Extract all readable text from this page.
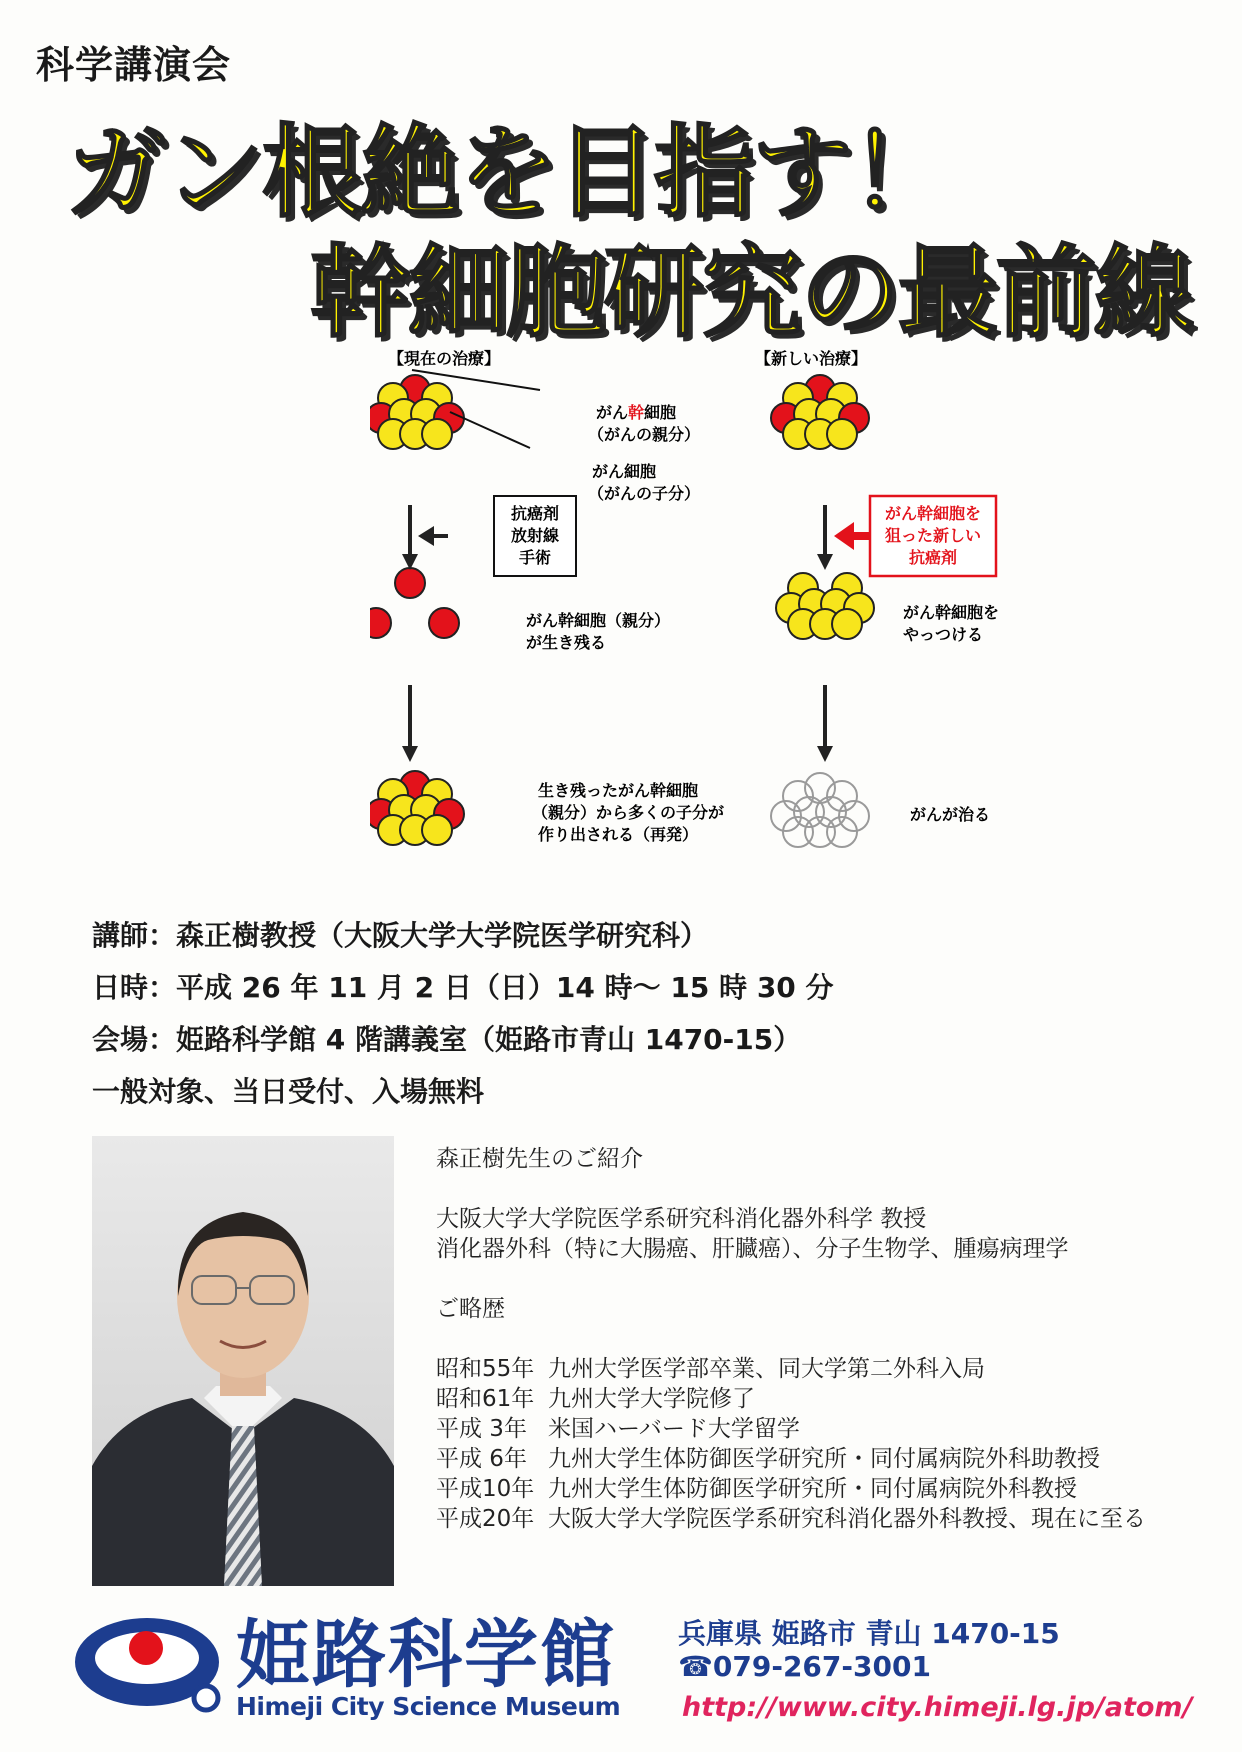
科学講演会
ガン根絶を目指す！
幹細胞研究の最前線
【現在の治療】	【新しい治療】
がん幹細胞
（がんの親分）
がん細胞
（がんの子分）
抗癌剤
放射線
手術
がん幹細胞を
狙った新しい
抗癌剤
がん幹細胞（親分）
が生き残る
がん幹細胞を
やっつける
生き残ったがん幹細胞
（親分）から多くの子分が
作り出される（再発）
がんが治る
講師：森正樹教授（大阪大学大学院医学研究科）
日時：平成 26 年 11 月 2 日（日）14 時～ 15 時 30 分
会場：姫路科学館 4 階講義室（姫路市青山 1470-15）
一般対象、当日受付、入場無料
森正樹先生のご紹介
大阪大学大学院医学系研究科消化器外科学 教授
消化器外科（特に大腸癌、肝臓癌）、分子生物学、腫瘍病理学
ご略歴
昭和55年 九州大学医学部卒業、同大学第二外科入局
昭和61年 九州大学大学院修了
平成 3年 米国ハーバード大学留学
平成 6年 九州大学生体防御医学研究所・同付属病院外科助教授
平成10年 九州大学生体防御医学研究所・同付属病院外科教授
平成20年 大阪大学大学院医学系研究科消化器外科教授、現在に至る
姫路科学館
Himeji City Science Museum
兵庫県 姫路市 青山 1470-15
☎079-267-3001
http://www.city.himeji.lg.jp/atom/
